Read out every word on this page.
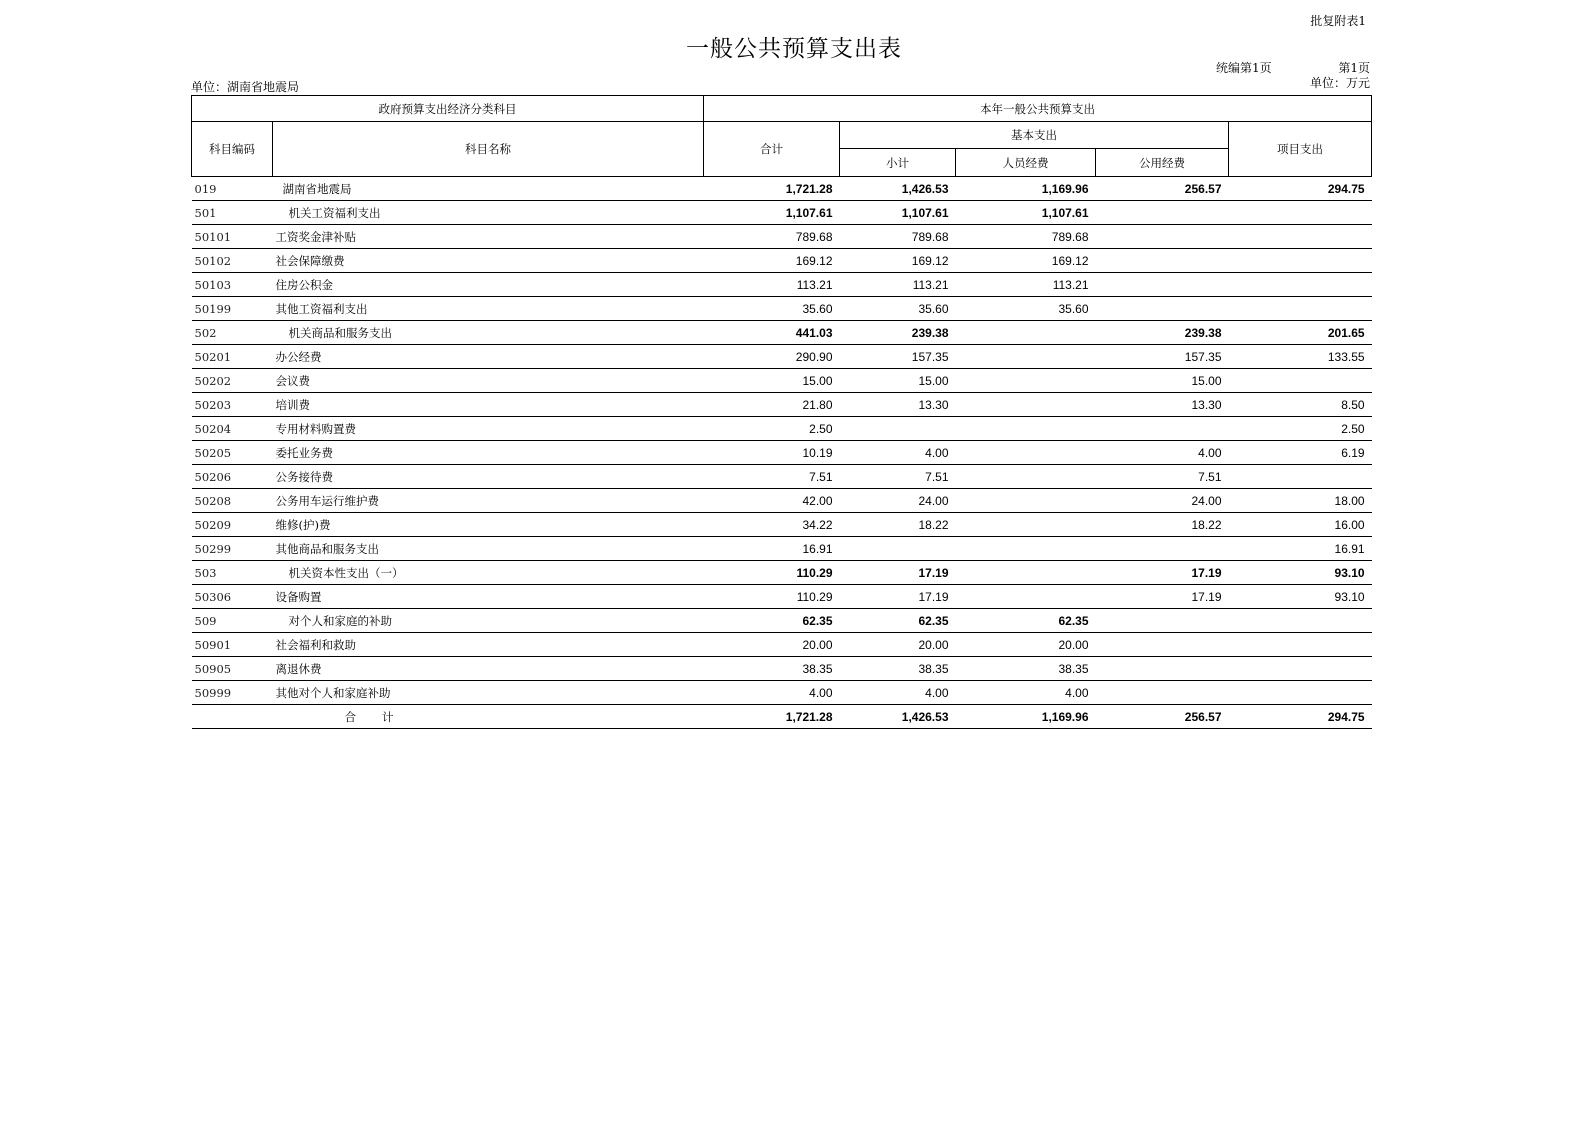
批复附表1
一般公共预算支出表
统编第1页	第1页
单位：万元
单位：湖南省地震局
政府预算支出经济分类科目		本年一般公共预算支出				
科目编码	科目名称	合计	基本支出			项目支出
			小计	人员经费	公用经费	
019	湖南省地震局	1,721.28	1,426.53	1,169.96	256.57	294.75
501	机关工资福利支出	1,107.61	1,107.61	1,107.61		
50101	工资奖金津补贴	789.68	789.68	789.68		
50102	社会保障缴费	169.12	169.12	169.12		
50103	住房公积金	113.21	113.21	113.21		
50199	其他工资福利支出	35.60	35.60	35.60		
502	机关商品和服务支出	441.03	239.38		239.38	201.65
50201	办公经费	290.90	157.35		157.35	133.55
50202	会议费	15.00	15.00		15.00	
50203	培训费	21.80	13.30		13.30	8.50
50204	专用材料购置费	2.50				2.50
50205	委托业务费	10.19	4.00		4.00	6.19
50206	公务接待费	7.51	7.51		7.51	
50208	公务用车运行维护费	42.00	24.00		24.00	18.00
50209	维修(护)费	34.22	18.22		18.22	16.00
50299	其他商品和服务支出	16.91				16.91
503	机关资本性支出（一）	110.29	17.19		17.19	93.10
50306	设备购置	110.29	17.19		17.19	93.10
509	对个人和家庭的补助	62.35	62.35	62.35		
50901	社会福利和救助	20.00	20.00	20.00		
50905	离退休费	38.35	38.35	38.35		
50999	其他对个人和家庭补助	4.00	4.00	4.00		
	合　　计	1,721.28	1,426.53	1,169.96	256.57	294.75
